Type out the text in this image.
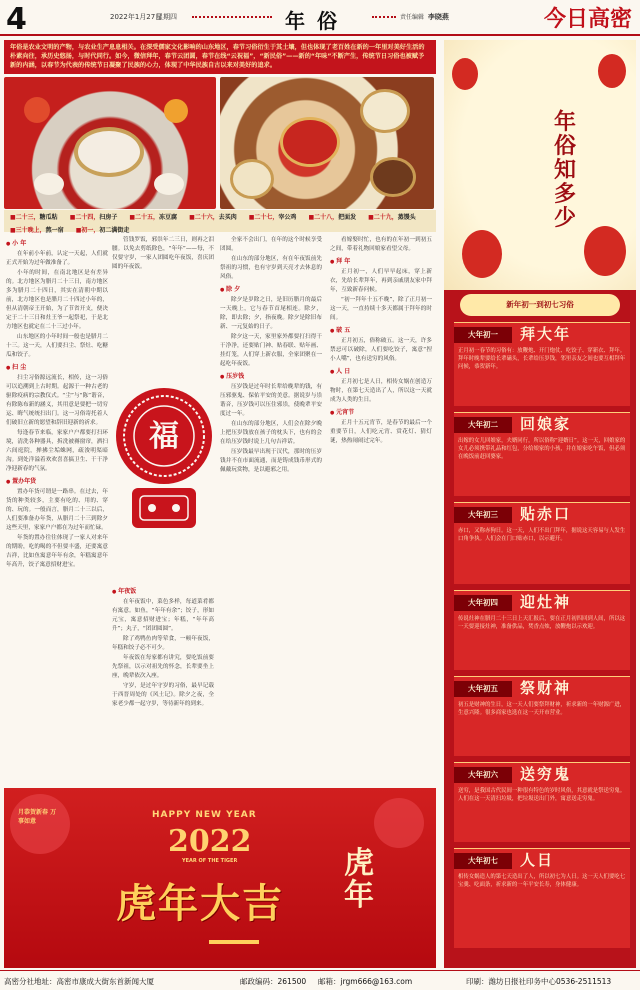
4	2022年1月27日
星期四	年俗	责任编辑 李晓燕	今日高密
年俗是农业文明的产物，与农业生产息息相关。在深受儒家文化影响的山东地区，春节习俗衍生于其土壤，但也体现了老百姓在新的一年里对美好生活的朴素向往，承历史悠扬，与时代同行。如今，微信拜年，春节云团圆，春节在线“云祝福”，“新民俗”——新的“年味”不断产生，传统节日习俗也被赋予新的内涵，以春节为代表的传统节日凝聚了民族的心力，体现了中华民族自古以来对美好的追求。
■二十三，糖瓜粘 ■二十四，扫房子 ■二十五，冻豆腐 ■二十六，去买肉 ■二十七，宰公鸡 ■二十八，把面发 ■二十九，蒸馒头■三十晚上，熬一宿 ■初一，初二满街走

● 小 年

在年前小年前，认定一天起，人们就正式开始为过年做准备了。

小年的时间，在南北地区是有差异的。北方地区为腊月二十三日，南方地区多为腊月二十四日，其实在清朝中期以前，北方地区也是腊月二十四过小年的，但从清朝帝王开始，为了节省开支，便决定于二十三日和灶王爷一起祭祀，于是北方地区也就定在二十三过小年。

山东地区的小年时间一般也是腊月二十三。这一天，人们要扫尘、祭灶、吃糖瓜和饺子。

● 扫 尘

扫尘习俗源远流长，相传，这一习俗可以追溯到上古时期。起源于一种古老的驱除疫病的宗教仪式。“尘”与“陈”谐音，有除陈布新的涵义，其用意是要把一切穷运、晦气统统扫出门。这一习俗寄托着人们破旧立新的愿望和辞旧迎新的祈求。

每逢春节来临，家家户户都要打扫环境，清洗各种器具，拆洗被褥窗帘，洒扫六间庭院，掸拂尘垢蛛网，疏浚明渠暗沟。到处洋溢着欢欢喜喜搞卫生、干干净净迎新春的气氛。

● 置办年货

置办年货可谓是一路串。在过去，年货的种类较多，主要有吃的、用的、穿的、玩的。一般而言，腊月二十三以后，人们要准备办年货，从腊月二十三到除夕这些天里，家家户户都在为过年而忙碌。

年货的置办往往体现了一家人对来年的期盼，吃的喝的不但要丰盛，还要寓意吉祥，比如鱼寓意年年有余，年糕寓意年年高升，饺子寓意招财进宝。

管钱罗饭，邪祟年二三日，则再之泪腰。以免去剪纸除色，“年年”——每，不仅要守岁，一家人团圆吃年夜饭，喜庆团圆的年夜饭。

● 年夜饭

在年夜饭中，菜色多样，每道菜肴都有寓意。如鱼，“年年有余”；饺子，形如元宝，寓意招财进宝；年糕，“年年高升”；丸子，“团团圆圆”。

除了鸡鸭鱼肉等荤食，一顿年夜饭，年糕和饺子必不可少。

年夜饭在每家都有讲究，要吃饭前要先祭祖，以示对祖先的怀念，长辈要坐上座，晚辈依次入座。

守岁，是过年守岁的习俗，最早记载于西晋周处的《风土记》。除夕之夜，全家老少都一起守岁，等待新年的到来。

全家不会出门，在年的这个时候享受团圆。

在山东的部分地区，有在年夜饭前先祭祖的习惯，也有守岁到天亮才去休息的风俗。

● 除 夕

除夕是岁除之日，是旧历腊月的最后一天晚上，它与春节首尾相连。除夕，除，即去除；夕，指夜晚。除夕是除旧布新、一元复始的日子。

除夕这一天，家里家外都要打扫得干干净净，还要贴门神、贴春联、贴年画、挂灯笼，人们穿上新衣服，全家团聚在一起吃年夜饭。

● 压岁钱

压岁钱是过年时长辈给晚辈的钱，有压邪驱鬼、保佑平安的美意。据说岁与祟谐音，压岁钱可以压住邪祟，使晚辈平安度过一年。

在山东的部分地区，人们会在除夕晚上把压岁钱放在孩子的枕头下，也有的会在给压岁钱时说上几句吉祥话。

压岁钱最早出现于汉代，那时的压岁钱并不在市面流通，而是铸成钱币形式的佩戴玩赏物，是以避邪之用。

看嫁娶时忙，也有的在年初一到初五之间，带着礼物回娘家看望父母。

● 拜 年

正月初一，人们早早起床，穿上新衣，先给长辈拜年，再到亲戚朋友家中拜年，互致新春问候。

“初一拜年十五不晚”，除了正月初一这一天，一直持续十多天都属于拜年的时间。

● 破 五

正月初五，俗称破五。这一天，许多禁忌可以破除，人们要吃饺子，寓意“捏小人嘴”，也有送穷的风俗。

● 人 日

正月初七是人日，相传女娲在创造万物时，在第七天造出了人，所以这一天就成为人类的生日。

● 元宵节

正月十五元宵节，是春节的最后一个重要节日，人们吃元宵、赏花灯、猜灯谜，热热闹闹过完年。

福
月恭贺新春 万事如意
HAPPY NEW YEAR
2022
YEAR OF THE TIGER
虎年大吉
虎年
年俗知多少
新年初一到初七习俗
大年初一	拜大年
正月初一春节的习俗有：放鞭炮、开门炮仗、吃饺子、穿新衣、拜年。拜年时晚辈要给长辈磕头，长辈给压岁钱，邻里亲友之间也要互相拜年问候，恭贺新年。
大年初二	回娘家
出嫁的女儿回娘家，夫婿同行，所以俗称“迎婿日”。这一天，回娘家的女儿必须携带礼品和红包，分给娘家的小孩，并在娘家吃午饭，但必须在晚饭前赶回婆家。
大年初三	贴赤口
赤口，又称赤狗日。这一天，人们不出门拜年，据说这天容易与人发生口角争执。人们会在门口贴赤口，以示避开。
大年初四	迎灶神
传说灶神在腊月二十三日上天汇报后，要在正月初四回到人间，所以这一天要迎接灶神，准备供品，焚香点烛，放鞭炮以示欢迎。
大年初五	祭财神
初五是财神的生日，这一天人们要祭拜财神，祈求新的一年财源广进，生意兴隆。很多商家也选在这一天开市营业。
大年初六	送穷鬼
送穷，是我国古代民间一种很有特色的岁时风俗，其意就是祭送穷鬼。人们在这一天清扫垃圾，把垃圾送出门外，寓意送走穷鬼。
大年初七	人日
相传女娲造人的第七天造出了人，所以初七为人日。这一天人们要吃七宝羹、吃面条，祈求新的一年平安长寿，身体健康。
高密分社地址：高密市康成大街东首新闻大厦	邮政编码：261500 邮箱：jrgm666@163.com	印刷：潍坊日报社印务中心0536-2511513
